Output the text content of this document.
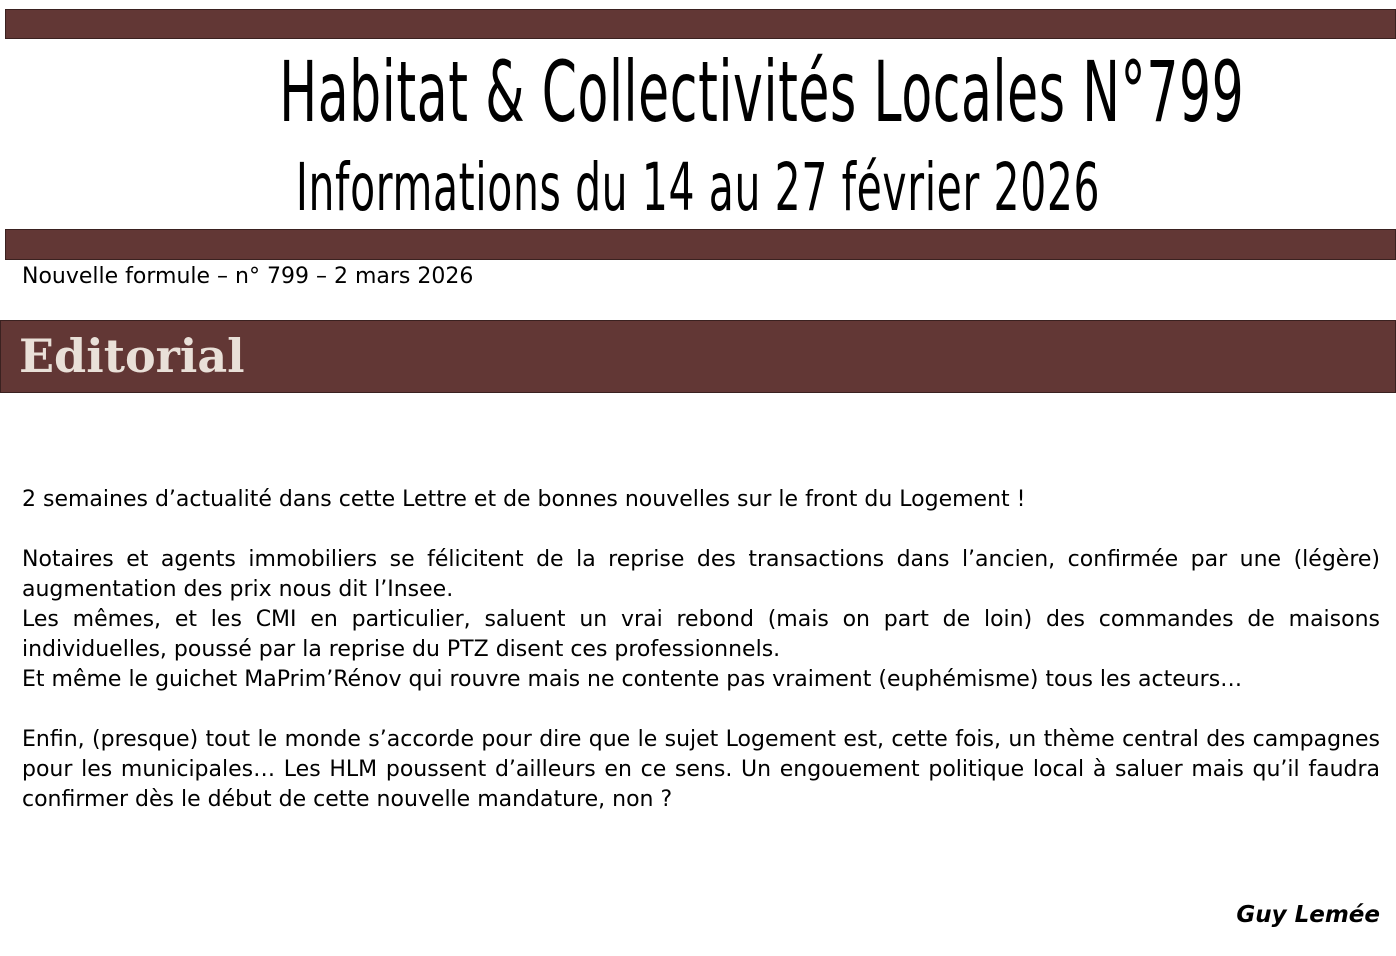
Habitat & Collectivités Locales N°799
Informations du 14 au 27 février 2026
Nouvelle formule – n° 799 – 2 mars 2026
Editorial

2 semaines d’actualité dans cette Lettre et de bonnes nouvelles sur le front du Logement !

Notaires et agents immobiliers se félicitent de la reprise des transactions dans l’ancien, confirmée par une (légère) augmentation des prix nous dit l’Insee.

Les mêmes, et les CMI en particulier, saluent un vrai rebond (mais on part de loin) des commandes de maisons individuelles, poussé par la reprise du PTZ disent ces professionnels.

Et même le guichet MaPrim’Rénov qui rouvre mais ne contente pas vraiment (euphémisme) tous les acteurs…

Enfin, (presque) tout le monde s’accorde pour dire que le sujet Logement est, cette fois, un thème central des campagnes pour les municipales… Les HLM poussent d’ailleurs en ce sens. Un engouement politique local à saluer mais qu’il faudra confirmer dès le début de cette nouvelle mandature, non ?

Guy Lemée
